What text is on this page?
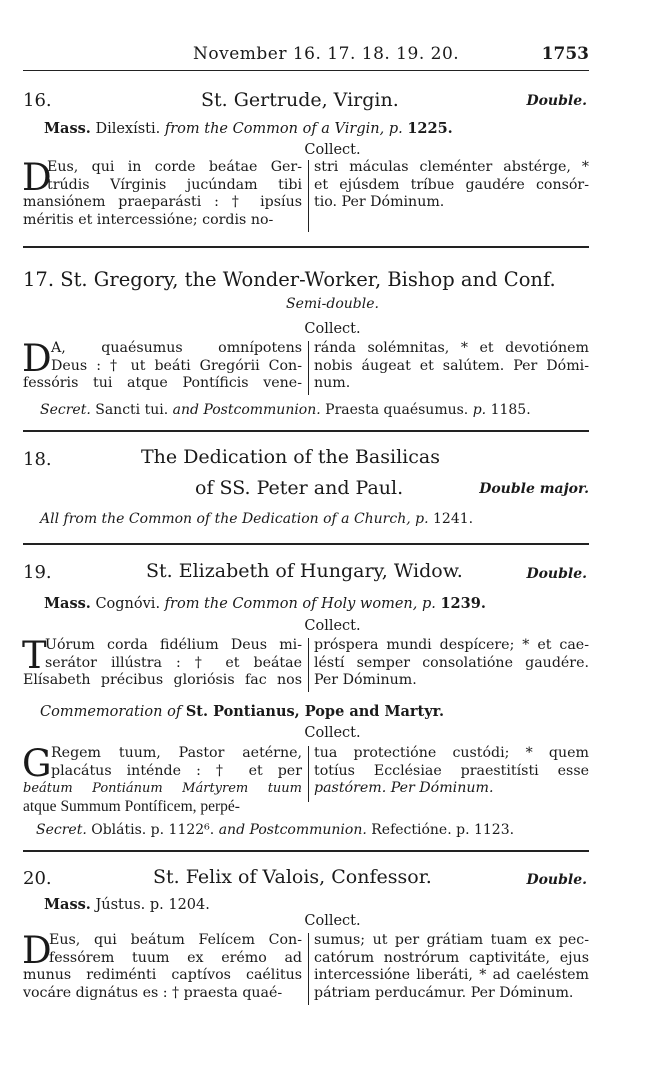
November 16. 17. 18. 19. 20.	1753
16.	St. Gertrude, Virgin.	Double.
Mass. Dilexísti. from the Common of a Virgin, p. 1225.
Collect.
D

Eus, qui in corde beátae Ger-

trúdis Vírginis jucúndam tibi

mansiónem praeparásti : † ipsíus

méritis et intercessióne; cordis no-

stri máculas cleménter abstérge, *

et ejúsdem tríbue gaudére consór-

tio. Per Dóminum.

17. St. Gregory, the Wonder-Worker, Bishop and Conf.
Semi-double.
Collect.
D A, quaésumus omnípotens

Deus : † ut beáti Gregórii Con-

fessóris tui atque Pontíficis vene-

ránda solémnitas, * et devotiónem

nobis áugeat et salútem. Per Dómi-

num.

Secret. Sancti tui. and Postcommunion. Praesta quaésumus. p. 1185.
18.	The Dedication of the Basilicas
of SS. Peter and Paul.	Double major.
All from the Common of the Dedication of a Church, p. 1241.
19.	St. Elizabeth of Hungary, Widow.	Double.
Mass. Cognóvi. from the Common of Holy women, p. 1239.
Collect.
T

Uórum corda fidélium Deus mi-

serátor illústra : † et beátae

Elísabeth précibus gloriósis fac nos

próspera mundi despícere; * et cae-

léstí semper consolatióne gaudére.

Per Dóminum.

Commemoration of St. Pontianus, Pope and Martyr.
Collect.
G Regem tuum, Pastor aetérne,

placátus inténde : † et per

beátum Pontiánum Mártyrem tuum

atque Summum Pontíficem, perpé-

tua protectióne custódi; * quem

totíus Ecclésiae praestitísti esse

pastórem. Per Dóminum.

Secret. Oblátis. p. 1122⁶. and Postcommunion. Refectióne. p. 1123.
20.	St. Felix of Valois, Confessor.	Double.
Mass. Jústus. p. 1204.
Collect.
D

Eus, qui beátum Felícem Con-

fessórem tuum ex erémo ad

munus rediménti captívos caélitus

vocáre dignátus es : † praesta quaé-

sumus; ut per grátiam tuam ex pec-

catórum nostrórum captivitáte, ejus

intercessióne liberáti, * ad caeléstem

pátriam perducámur. Per Dóminum.
